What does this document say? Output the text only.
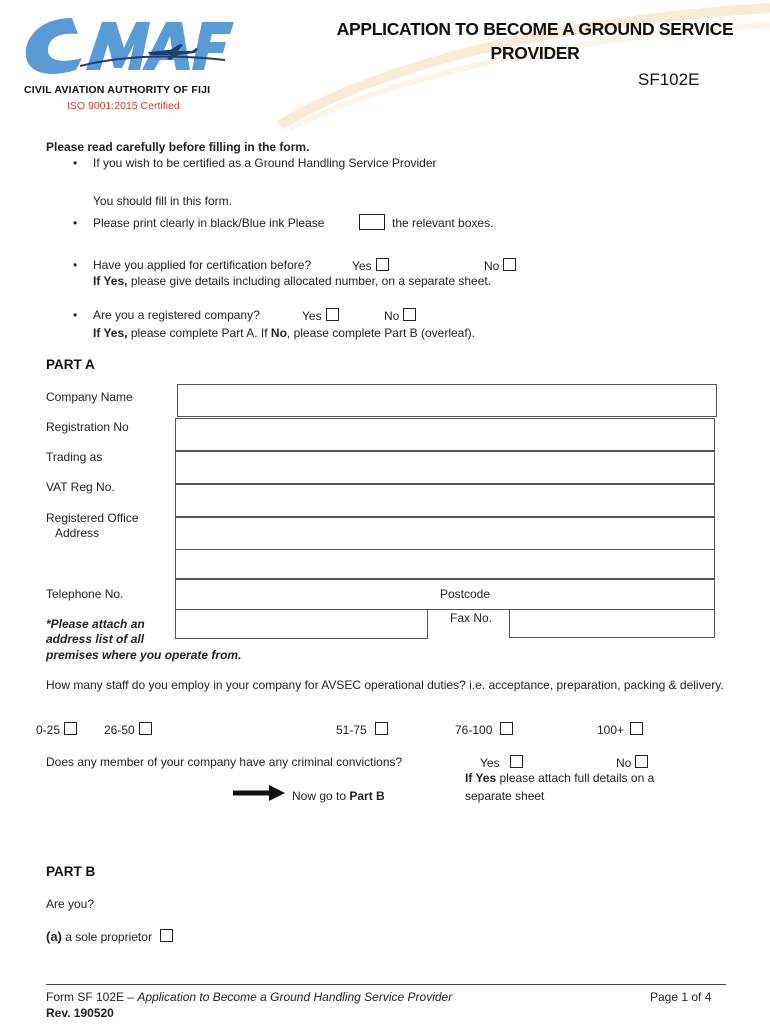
CIVIL AVIATION AUTHORITY OF FIJI
ISO 9001:2015 Certified
APPLICATION TO BECOME A GROUND SERVICE PROVIDER
SF102E
Please read carefully before filling in the form.
• If you wish to be certified as a Ground Handling Service Provider
You should fill in this form.
• Please print clearly in black/Blue ink Please	the relevant boxes.
• Have you applied for certification before?	Yes	No
If Yes, please give details including allocated number, on a separate sheet.
• Are you a registered company?	Yes	No
If Yes, please complete Part A. If No, please complete Part B (overleaf).
PART A
Company Name
Registration No
Trading as
VAT Reg No.
Registered Office
Address
Telephone No.	Postcode
Fax No.
*Please attach an
address list of all
premises where you operate from.
How many staff do you employ in your company for AVSEC operational duties? i.e. acceptance, preparation, packing & delivery.
0-25	26-50	51-75	76-100	100+
Does any member of your company have any criminal convictions?	Yes	No
If Yes please attach full details on a
separate sheet
Now go to Part B
PART B
Are you?
(a) a sole proprietor
Form SF 102E – Application to Become a Ground Handling Service Provider
Rev. 190520
Page 1 of 4
